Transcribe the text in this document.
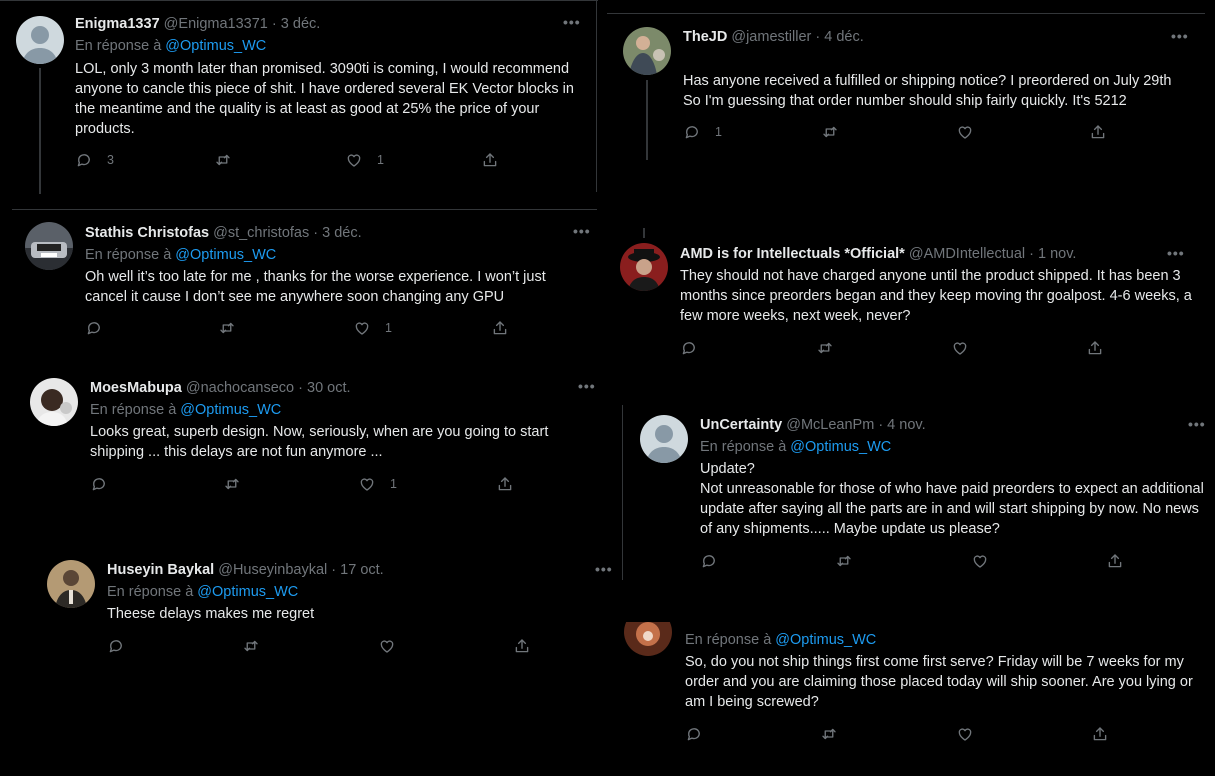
Enigma1337 @Enigma13371 · 3 déc.	•••
En réponse à @Optimus_WC
LOL, only 3 month later than promised. 3090ti is coming, I would recommend anyone to cancle this piece of shit. I have ordered several EK Vector blocks in the meantime and the quality is at least as good at 25% the price of your products.
3	1
Stathis Christofas @st_christofas · 3 déc.	•••
En réponse à @Optimus_WC
Oh well it’s too late for me , thanks for the worse experience. I won’t just cancel it cause I don’t see me anywhere soon changing any GPU
1
MoesMabupa @nachocanseco · 30 oct.	•••
En réponse à @Optimus_WC
Looks great, superb design. Now, seriously, when are you going to start shipping ... this delays are not fun anymore ...
1
Huseyin Baykal @Huseyinbaykal · 17 oct.	•••
En réponse à @Optimus_WC
Theese delays makes me regret
TheJD @jamestiller · 4 déc.	•••

Has anyone received a fulfilled or shipping notice? I preordered on July 29th

So I'm guessing that order number should ship fairly quickly. It's 5212

1
AMD is for Intellectuals *Official* @AMDIntellectual · 1 nov.	•••
They should not have charged anyone until the product shipped. It has been 3 months since preorders began and they keep moving thr goalpost. 4-6 weeks, a few more weeks, next week, never?
UnCertainty @McLeanPm · 4 nov.	•••
En réponse à @Optimus_WC

Update?

Not unreasonable for those of who have paid preorders to expect an additional update after saying all the parts are in and will start shipping by now. No news of any shipments..... Maybe update us please?

En réponse à @Optimus_WC
So, do you not ship things first come first serve? Friday will be 7 weeks for my order and you are claiming those placed today will ship sooner. Are you lying or am I being screwed?
